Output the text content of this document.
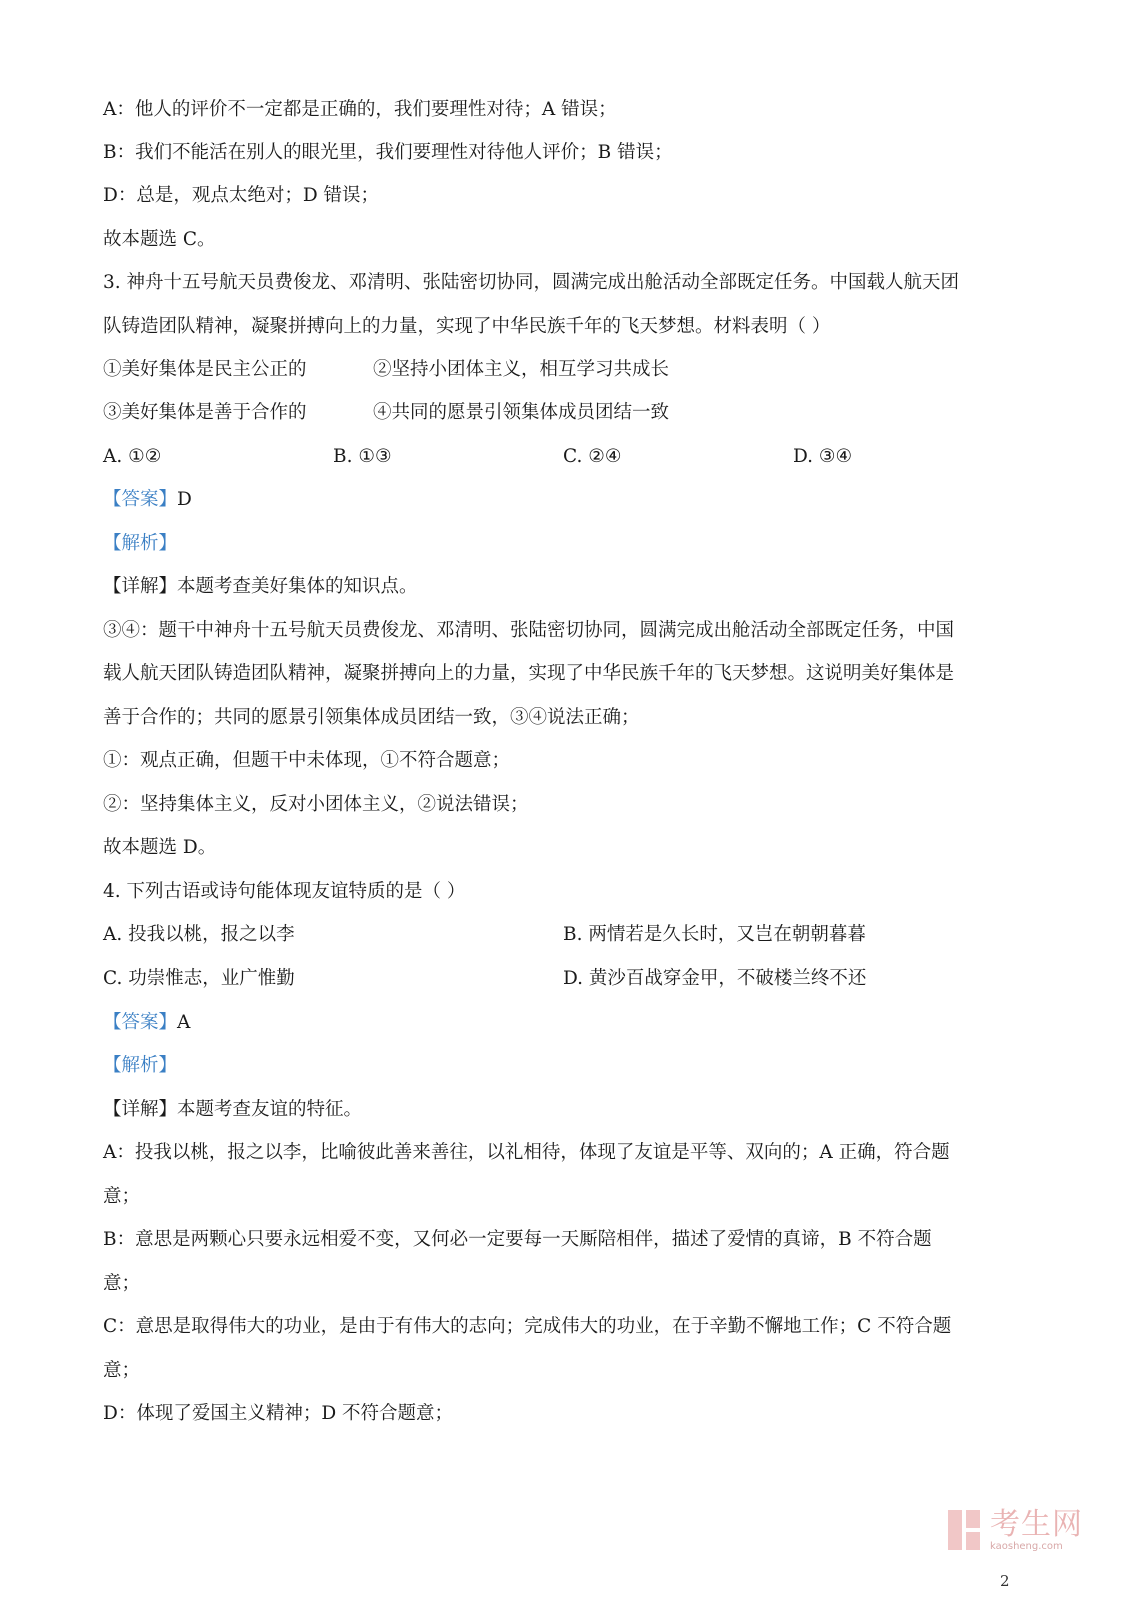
A：他人的评价不一定都是正确的，我们要理性对待；A 错误；
B：我们不能活在别人的眼光里，我们要理性对待他人评价；B 错误；
D：总是，观点太绝对；D 错误；
故本题选 C。
3. 神舟十五号航天员费俊龙、邓清明、张陆密切协同，圆满完成出舱活动全部既定任务。中国载人航天团
队铸造团队精神，凝聚拼搏向上的力量，实现了中华民族千年的飞天梦想。材料表明（ ）
①美好集体是民主公正的	②坚持小团体主义，相互学习共成长
③美好集体是善于合作的	④共同的愿景引领集体成员团结一致
A. ①②	B. ①③	C. ②④	D. ③④
【答案】D
【解析】
【详解】本题考查美好集体的知识点。
③④：题干中神舟十五号航天员费俊龙、邓清明、张陆密切协同，圆满完成出舱活动全部既定任务，中国
载人航天团队铸造团队精神，凝聚拼搏向上的力量，实现了中华民族千年的飞天梦想。这说明美好集体是
善于合作的；共同的愿景引领集体成员团结一致，③④说法正确；
①：观点正确，但题干中未体现，①不符合题意；
②：坚持集体主义，反对小团体主义，②说法错误；
故本题选 D。
4. 下列古语或诗句能体现友谊特质的是（ ）
A. 投我以桃，报之以李	B. 两情若是久长时，又岂在朝朝暮暮
C. 功崇惟志，业广惟勤	D. 黄沙百战穿金甲，不破楼兰终不还
【答案】A
【解析】
【详解】本题考查友谊的特征。
A：投我以桃，报之以李，比喻彼此善来善往，以礼相待，体现了友谊是平等、双向的；A 正确，符合题
意；
B：意思是两颗心只要永远相爱不变，又何必一定要每一天厮陪相伴，描述了爱情的真谛，B 不符合题
意；
C：意思是取得伟大的功业，是由于有伟大的志向；完成伟大的功业，在于辛勤不懈地工作；C 不符合题
意；
D：体现了爱国主义精神；D 不符合题意；
考生网
kaosheng.com
2
